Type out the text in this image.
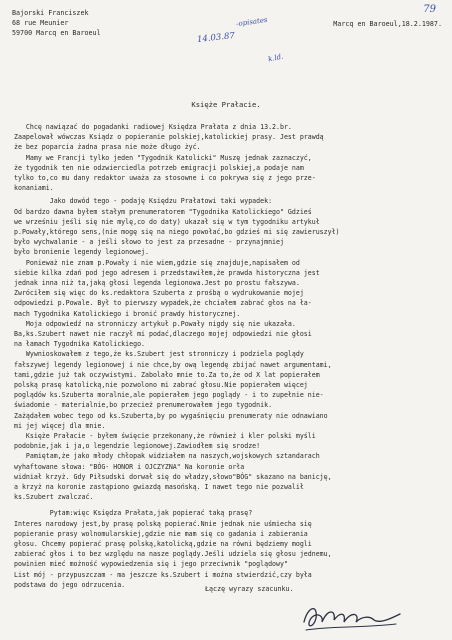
79
Bajorski Franciszek
68 rue Meunier
59700 Marcq en Baroeul
Marcq en Baroeul,18.2.1987.
-opisates
14.03.87
k.ld.
Księże Prałacie.
Chcę nawiązać do pogadanki radiowej Księdza Prałata z dnia 13.2.br.
Zaapelował wówczas Ksiądz o popieranie polskiej,katolickiej prasy. Jest prawdą
że bez poparcia żadna prasa nie może długo żyć.
Mamy we Francji tylko jeden "Tygodnik Katolicki" Muszę jednak zaznaczyć,
że tygodnik ten nie odzwierciedla potrzeb emigracji polskiej,a podaje nam
tylko to,co mu dany redaktor uważa za stosowne i co pokrywa się z jego prze-
konaniami.
Jako dowód tego - podaję Księdzu Prałatowi taki wypadek:
Od bardzo dawna byłem stałym prenumeratorem "Tygodnika Katolickiego" Gdzieś
we wrześniu jeśli się nie mylę,co do daty) ukazał się w tym tygodniku artykuł
p.Powały,którego sens,(nie mogę się na niego powołać,bo gdzieś mi się zawieruszył)
było wychwalanie - a jeśli słowo to jest za przesadne - przynajmniej
było bronienie legendy legionowej.
Ponieważ nie znam p.Powały i nie wiem,gdzie się znajduje,napisałem od
siebie kilka zdań pod jego adresem i przedstawiłem,że prawda historyczna jest
jednak inna niż ta,jaką głosi legenda legionowa.Jest po prostu fałszywa.
Zwróciłem się więc do ks.redaktora Szuberta z prośbą o wydrukowanie mojej
odpowiedzi p.Powale. Był to pierwszy wypadek,że chciałem zabrać głos na ła-
mach Tygodnika Katolickiego i bronić prawdy historycznej.
Moja odpowiedź na stronniczy artykuł p.Powały nigdy się nie ukazała.
Ba,ks.Szubert nawet nie raczył mi podać,dlaczego mojej odpowiedzi nie głosi
na łamach Tygodnika Katolickiego.
Wywnioskowałem z tego,że ks.Szubert jest stronniczy i podziela poglądy
fałszywej legendy legionowej i nie chce,by ową legendę zbijać nawet argumentami,
tami,gdzie już tak oczywistymi. Zabolało mnie to.Za to,że od X lat popierałem
polską prasę katolicką,nie pozwolono mi zabrać głosu.Nie popierałem więcej
poglądów ks.Szuberta moralnie,ale popierałem jego poglądy - i to zupełnie nie-
świadomie - materialnie,bo przecież prenumerowałem jego tygodnik.
Zażądałem wobec tego od ks.Szuberta,by po wygaśnięciu prenumeraty nie odnawiano
mi jej więcej dla mnie.
Księże Prałacie - byłem święcie przekonany,że również i kler polski myśli
podobnie,jak i ja,o legendzie legionowej.Zawiodłem się srodze!
Pamiętam,że jako młody chłopak widziałem na naszych,wojskowych sztandarach
wyhaftowane słowa: "BÓG- HONOR i OJCZYZNA" Na koronie orła
widniał krzyż. Gdy Piłsudski dorwał się do władzy,słowo"BÓG" skazano na banicję,
a krzyż na koronie zastąpiono gwiazdą masońską. I nawet tego nie pozwalił
ks.Szubert zwalczać.
Pytam:więc Księdza Prałata,jak popierać taką prasę?
Interes narodowy jest,by prasę polską popierać.Nnie jednak nie uśmiecha się
popieranie prasy wolnomularskiej,gdzie nie mam się co gadania i zabierania
głosu. Chcemy popierać prasę polską,katolicką,gdzie na równi będziemy mogli
zabierać głos i to bez względu na nasze poglądy.Jeśli udziela się głosu jednemu,
powinien mieć możność wypowiedzenia się i jego przeciwnik "poglądowy"
List mój - przypuszczam - ma jeszcze ks.Szubert i można stwierdzić,czy była
podstawa do jego odrzucenia.
Łączę wyrazy szacunku.
